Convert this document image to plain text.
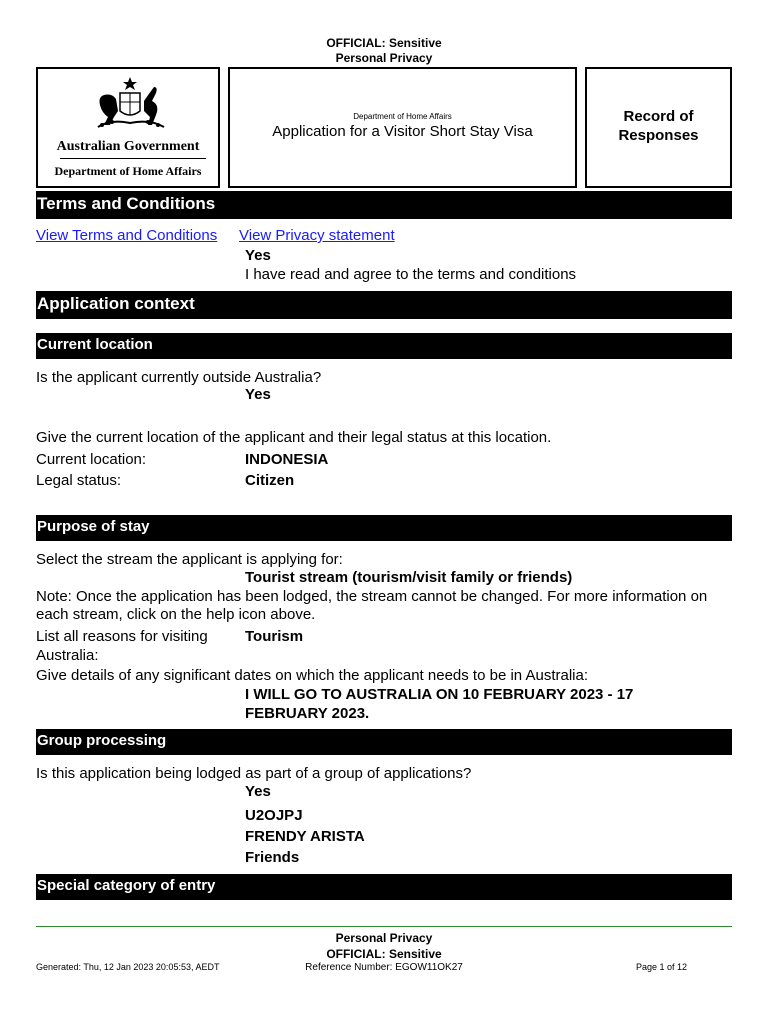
OFFICIAL: Sensitive
Personal Privacy
Australian Government
Department of Home Affairs
Department of Home Affairs
Application for a Visitor Short Stay Visa
Record of Responses
Terms and Conditions
View Terms and Conditions View Privacy statement
Yes
I have read and agree to the terms and conditions
Application context
Current location
Is the applicant currently outside Australia?
Yes
Give the current location of the applicant and their legal status at this location.
Current location:	INDONESIA
Legal status:	Citizen
Purpose of stay
Select the stream the applicant is applying for:
Tourist stream (tourism/visit family or friends)
Note: Once the application has been lodged, the stream cannot be changed. For more information on
each stream, click on the help icon above.
List all reasons for visiting
Australia:
Tourism
Give details of any significant dates on which the applicant needs to be in Australia:
I WILL GO TO AUSTRALIA ON 10 FEBRUARY 2023 - 17
FEBRUARY 2023.
Group processing
Is this application being lodged as part of a group of applications?
Yes
U2OJPJ
FRENDY ARISTA
Friends
Special category of entry
Personal Privacy
OFFICIAL: Sensitive
Generated: Thu, 12 Jan 2023 20:05:53, AEDT	Reference Number: EGOW11OK27	Page 1 of 12
